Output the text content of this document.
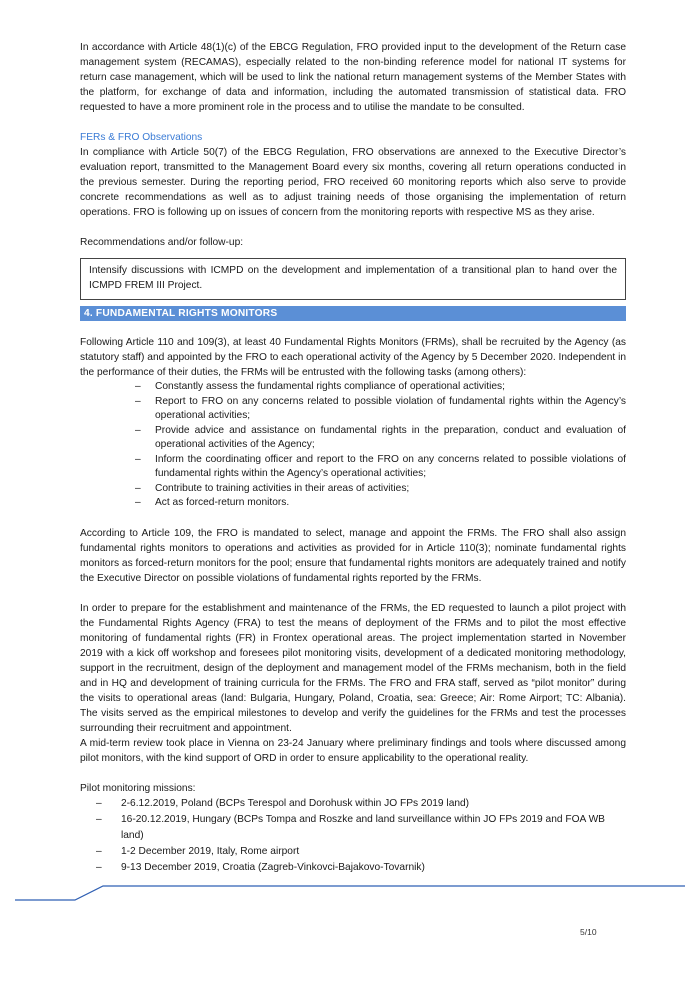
In accordance with Article 48(1)(c) of the EBCG Regulation, FRO provided input to the development of the Return case management system (RECAMAS), especially related to the non-binding reference model for national IT systems for return case management, which will be used to link the national return management systems of the Member States with the platform, for exchange of data and information, including the automated transmission of statistical data. FRO requested to have a more prominent role in the process and to utilise the mandate to be consulted.

FERs & FRO Observations

In compliance with Article 50(7) of the EBCG Regulation, FRO observations are annexed to the Executive Director’s evaluation report, transmitted to the Management Board every six months, covering all return operations conducted in the previous semester. During the reporting period, FRO received 60 monitoring reports which also serve to provide concrete recommendations as well as to adjust training needs of those organising the implementation of return operations. FRO is following up on issues of concern from the monitoring reports with respective MS as they arise.

Recommendations and/or follow-up:

Intensify discussions with ICMPD on the development and implementation of a transitional plan to hand over the ICMPD FREM III Project.

4. FUNDAMENTAL RIGHTS MONITORS

Following Article 110 and 109(3), at least 40 Fundamental Rights Monitors (FRMs), shall be recruited by the Agency (as statutory staff) and appointed by the FRO to each operational activity of the Agency by 5 December 2020. Independent in the performance of their duties, the FRMs will be entrusted with the following tasks (among others):

– Constantly assess the fundamental rights compliance of operational activities;
– Report to FRO on any concerns related to possible violation of fundamental rights within the Agency’s operational activities;
– Provide advice and assistance on fundamental rights in the preparation, conduct and evaluation of operational activities of the Agency;
– Inform the coordinating officer and report to the FRO on any concerns related to possible violations of fundamental rights within the Agency’s operational activities;
– Contribute to training activities in their areas of activities;
– Act as forced-return monitors.

According to Article 109, the FRO is mandated to select, manage and appoint the FRMs. The FRO shall also assign fundamental rights monitors to operations and activities as provided for in Article 110(3); nominate fundamental rights monitors as forced-return monitors for the pool; ensure that fundamental rights monitors are adequately trained and notify the Executive Director on possible violations of fundamental rights reported by the FRMs.

In order to prepare for the establishment and maintenance of the FRMs, the ED requested to launch a pilot project with the Fundamental Rights Agency (FRA) to test the means of deployment of the FRMs and to pilot the most effective monitoring of fundamental rights (FR) in Frontex operational areas. The project implementation started in November 2019 with a kick off workshop and foresees pilot monitoring visits, development of a dedicated monitoring methodology, support in the recruitment, design of the deployment and management model of the FRMs mechanism, both in the field and in HQ and development of training curricula for the FRMs. The FRO and FRA staff, served as “pilot monitor” during the visits to operational areas (land: Bulgaria, Hungary, Poland, Croatia, sea: Greece; Air: Rome Airport; TC: Albania). The visits served as the empirical milestones to develop and verify the guidelines for the FRMs and test the processes surrounding their recruitment and appointment.

A mid-term review took place in Vienna on 23-24 January where preliminary findings and tools where discussed among pilot monitors, with the kind support of ORD in order to ensure applicability to the operational reality.

Pilot monitoring missions:

– 2-6.12.2019, Poland (BCPs Terespol and Dorohusk within JO FPs 2019 land)
– 16-20.12.2019, Hungary (BCPs Tompa and Roszke and land surveillance within JO FPs 2019 and FOA WB land)
– 1-2 December 2019, Italy, Rome airport
– 9-13 December 2019, Croatia (Zagreb-Vinkovci-Bajakovo-Tovarnik)
5/10
